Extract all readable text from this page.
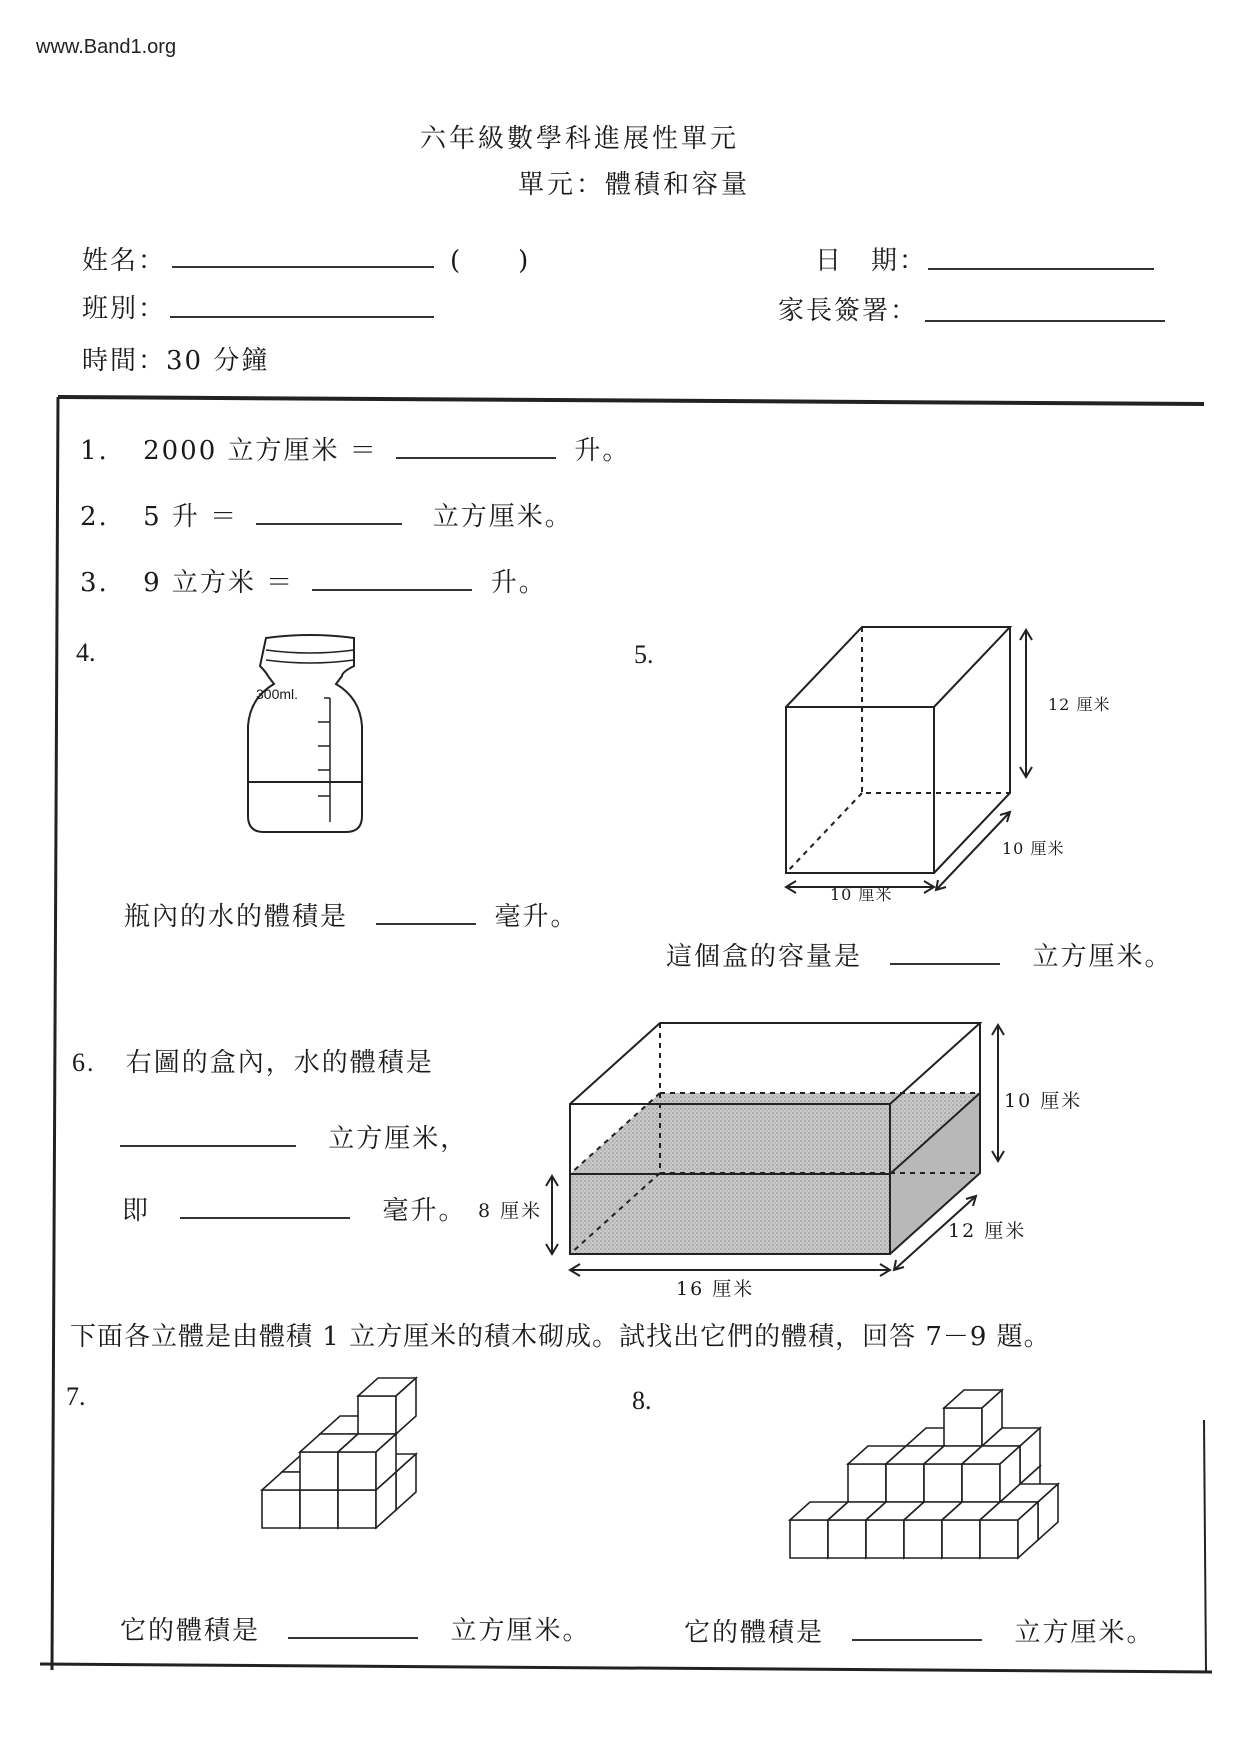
www.Band1.org
六年級數學科進展性單元
單元：體積和容量
姓名：	(　　)	日　期：
班別：	家長簽署：
時間：30 分鐘
1. 2000 立方厘米 ＝	升。
2. 5 升 ＝	立方厘米。
3. 9 立方米 ＝	升。
4.
300ml.
瓶內的水的體積是	毫升。
5.
12 厘米
10 厘米
10 厘米
這個盒的容量是	立方厘米。
6. 右圖的盒內，水的體積是
立方厘米，
即	毫升。
10 厘米
8 厘米
12 厘米
16 厘米
下面各立體是由體積 1 立方厘米的積木砌成。試找出它們的體積，回答 7－9 題。
7.
它的體積是	立方厘米。
8.
它的體積是	立方厘米。
